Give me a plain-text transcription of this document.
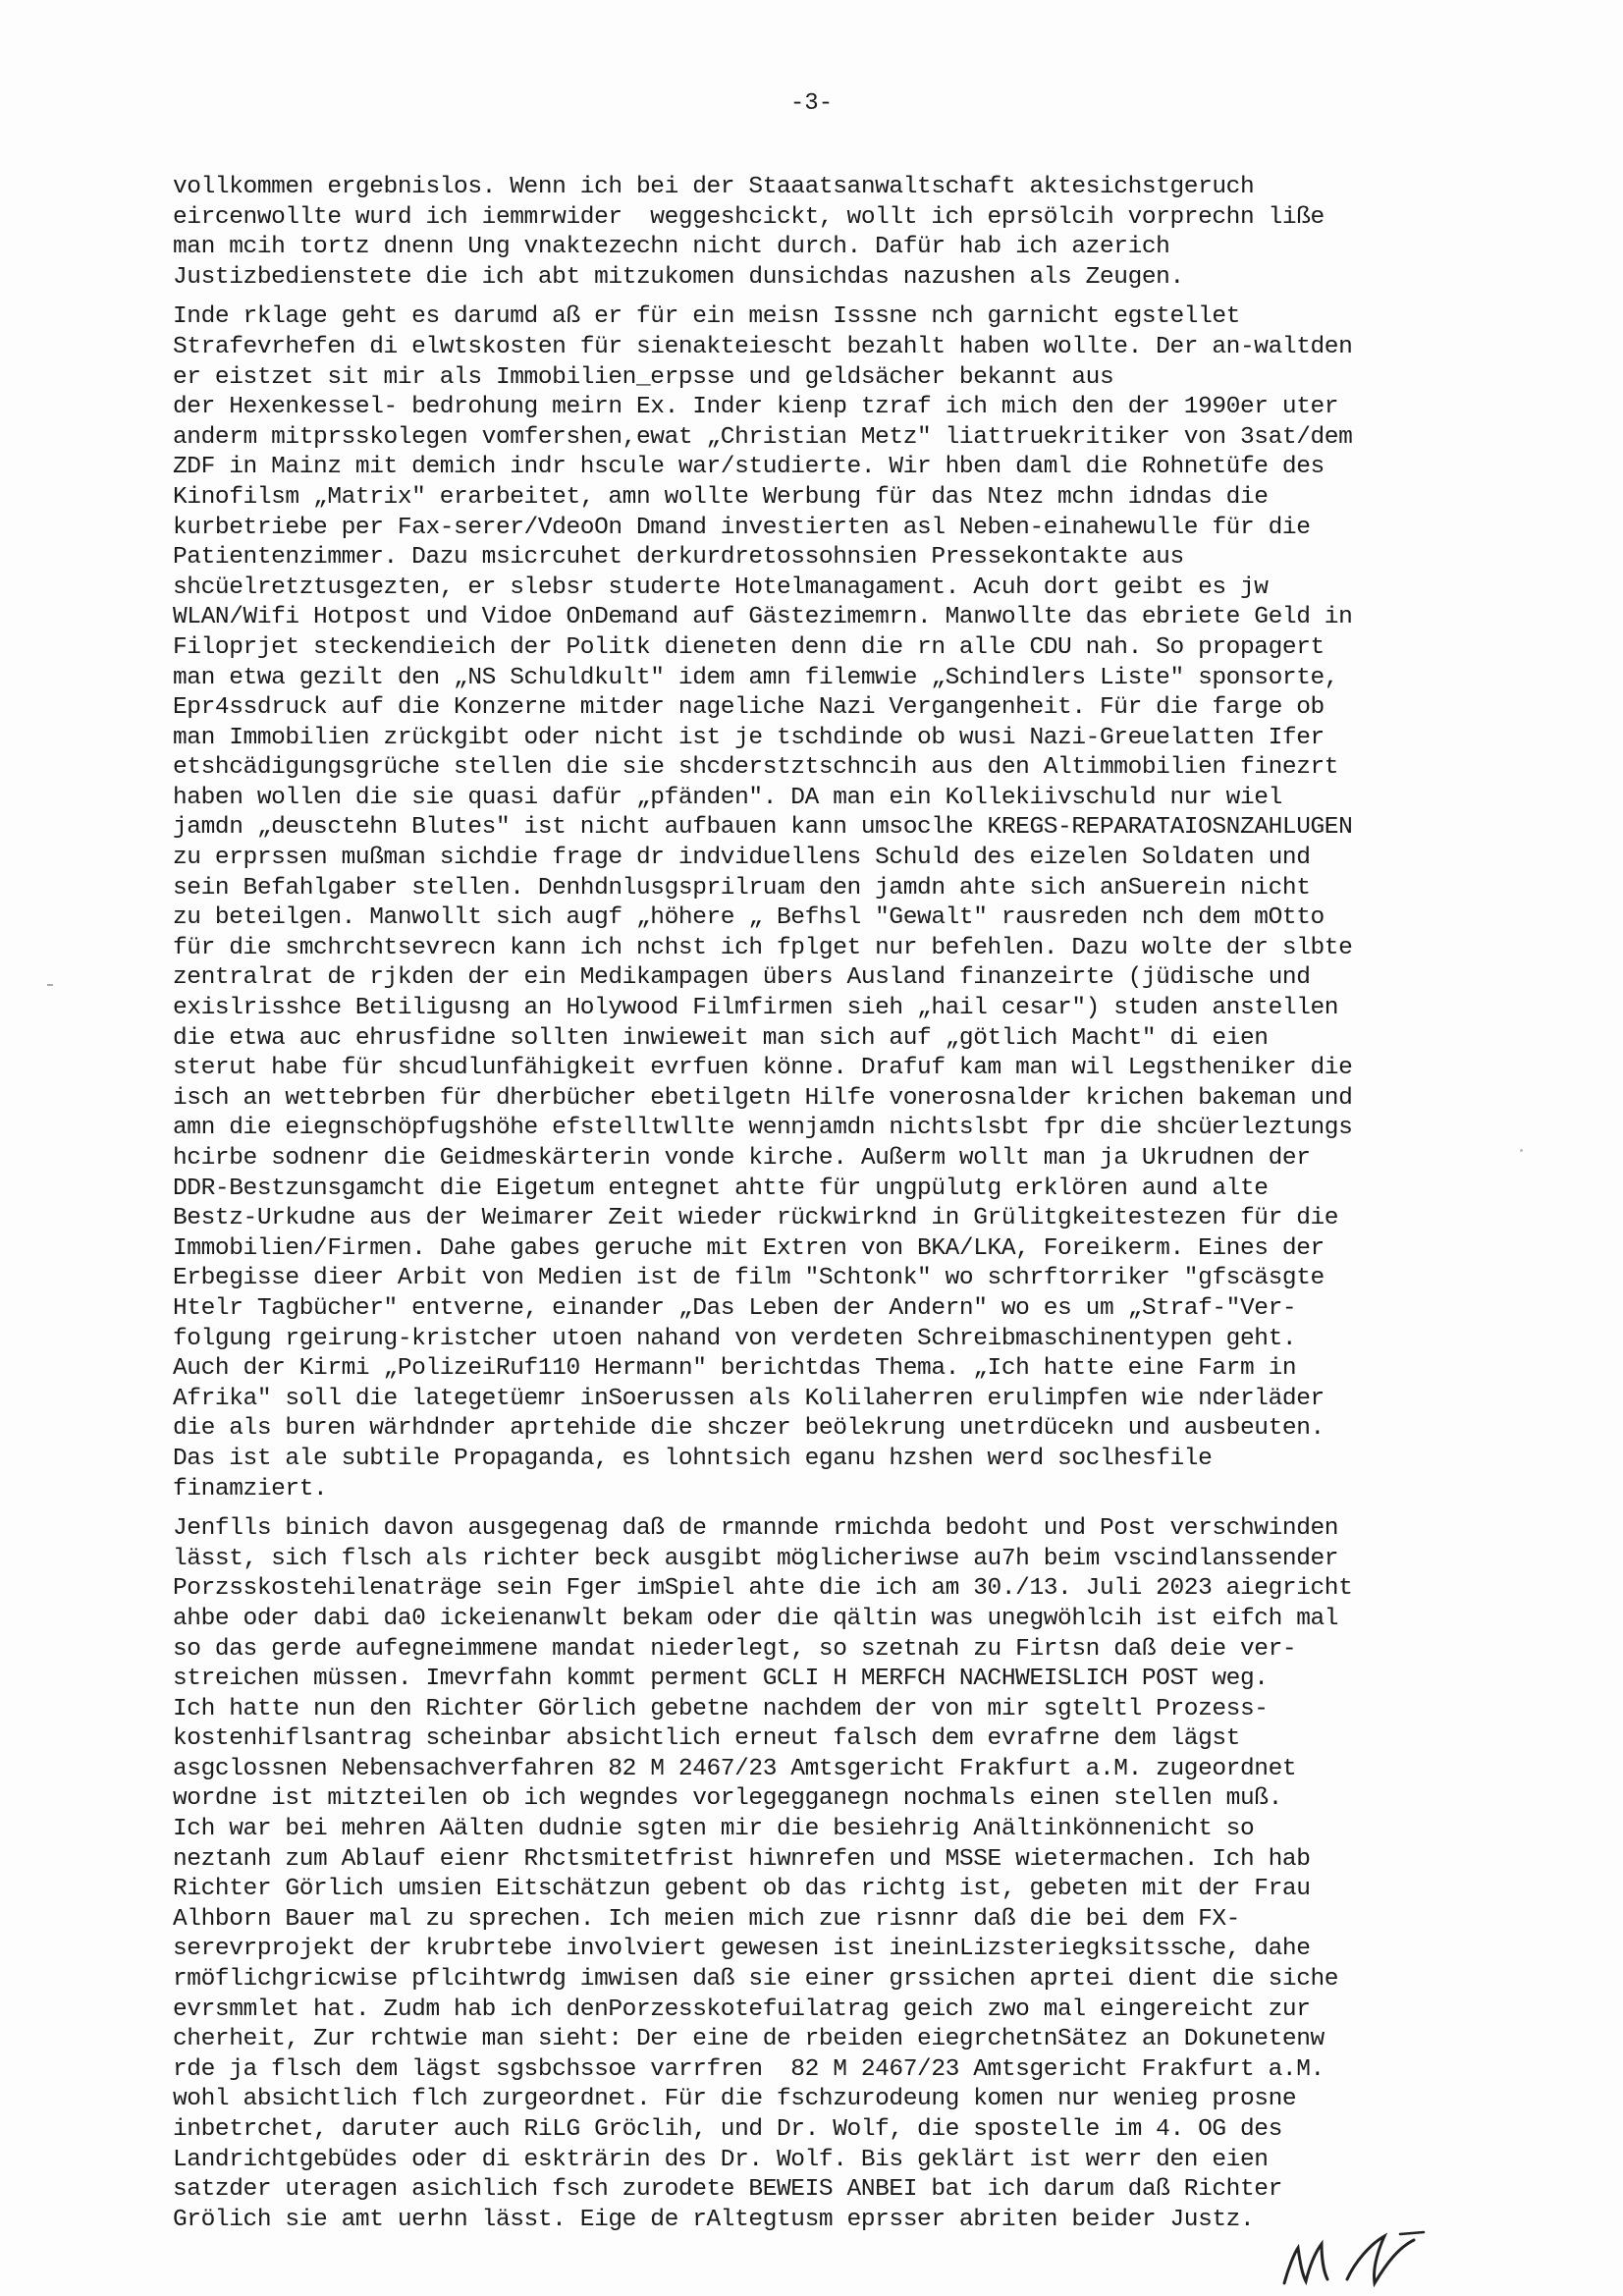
-3-
vollkommen ergebnislos. Wenn ich bei der Staaatsanwaltschaft aktesichstgeruch
eircenwollte wurd ich iemmrwider  weggeshcickt, wollt ich eprsölcih vorprechn liße
man mcih tortz dnenn Ung vnaktezechn nicht durch. Dafür hab ich azerich
Justizbedienstete die ich abt mitzukomen dunsichdas nazushen als Zeugen.
Inde rklage geht es darumd aß er für ein meisn Isssne nch garnicht egstellet
Strafevrhefen di elwtskosten für sienakteiescht bezahlt haben wollte. Der an-waltden
er eistzet sit mir als Immobilien_erpsse und geldsächer bekannt aus
der Hexenkessel- bedrohung meirn Ex. Inder kienp tzraf ich mich den der 1990er uter
anderm mitprsskolegen vomfershen,ewat „Christian Metz" liattruekritiker von 3sat/dem
ZDF in Mainz mit demich indr hscule war/studierte. Wir hben daml die Rohnetüfe des
Kinofilsm „Matrix" erarbeitet, amn wollte Werbung für das Ntez mchn idndas die
kurbetriebe per Fax-serer/VdeoOn Dmand investierten asl Neben-einahewulle für die
Patientenzimmer. Dazu msicrcuhet derkurdretossohnsien Pressekontakte aus
shcüelretztusgezten, er slebsr studerte Hotelmanagament. Acuh dort geibt es jw
WLAN/Wifi Hotpost und Vidoe OnDemand auf Gästezimemrn. Manwollte das ebriete Geld in
Filoprjet steckendieich der Politk dieneten denn die rn alle CDU nah. So propagert
man etwa gezilt den „NS Schuldkult" idem amn filemwie „Schindlers Liste" sponsorte,
Epr4ssdruck auf die Konzerne mitder nageliche Nazi Vergangenheit. Für die farge ob
man Immobilien zrückgibt oder nicht ist je tschdinde ob wusi Nazi-Greuelatten Ifer
etshcädigungsgrüche stellen die sie shcderstztschncih aus den Altimmobilien finezrt
haben wollen die sie quasi dafür „pfänden". DA man ein Kollekiivschuld nur wiel
jamdn „deusctehn Blutes" ist nicht aufbauen kann umsoclhe KREGS-REPARATAIOSNZAHLUGEN
zu erprssen mußman sichdie frage dr indviduellens Schuld des eizelen Soldaten und
sein Befahlgaber stellen. Denhdnlusgsprilruam den jamdn ahte sich anSuerein nicht
zu beteilgen. Manwollt sich augf „höhere „ Befhsl "Gewalt" rausreden nch dem mOtto
für die smchrchtsevrecn kann ich nchst ich fplget nur befehlen. Dazu wolte der slbte
zentralrat de rjkden der ein Medikampagen übers Ausland finanzeirte (jüdische und
exislrisshce Betiligusng an Holywood Filmfirmen sieh „hail cesar") studen anstellen
die etwa auc ehrusfidne sollten inwieweit man sich auf „götlich Macht" di eien
sterut habe für shcudlunfähigkeit evrfuen könne. Drafuf kam man wil Legstheniker die
isch an wettebrben für dherbücher ebetilgetn Hilfe vonerosnalder krichen bakeman und
amn die eiegnschöpfugshöhe efstelltwllte wennjamdn nichtslsbt fpr die shcüerleztungs
hcirbe sodnenr die Geidmeskärterin vonde kirche. Außerm wollt man ja Ukrudnen der
DDR-Bestzunsgamcht die Eigetum entegnet ahtte für ungpülutg erklören aund alte
Bestz-Urkudne aus der Weimarer Zeit wieder rückwirknd in Grülitgkeitestezen für die
Immobilien/Firmen. Dahe gabes geruche mit Extren von BKA/LKA, Foreikerm. Eines der
Erbegisse dieer Arbit von Medien ist de film "Schtonk" wo schrftorriker "gfscäsgte
Htelr Tagbücher" entverne, einander „Das Leben der Andern" wo es um „Straf-"Ver-
folgung rgeirung-kristcher utoen nahand von verdeten Schreibmaschinentypen geht.
Auch der Kirmi „PolizeiRuf110 Hermann" berichtdas Thema. „Ich hatte eine Farm in
Afrika" soll die lategetüemr inSoerussen als Kolilaherren erulimpfen wie nderläder
die als buren wärhdnder aprtehide die shczer beölekrung unetrdücekn und ausbeuten.
Das ist ale subtile Propaganda, es lohntsich eganu hzshen werd soclhesfile
finamziert.
Jenflls binich davon ausgegenag daß de rmannde rmichda bedoht und Post verschwinden
lässt, sich flsch als richter beck ausgibt möglicheriwse au7h beim vscindlanssender
Porzsskostehilenaträge sein Fger imSpiel ahte die ich am 30./13. Juli 2023 aiegricht
ahbe oder dabi da0 ickeienanwlt bekam oder die qältin was unegwöhlcih ist eifch mal
so das gerde aufegneimmene mandat niederlegt, so szetnah zu Firtsn daß deie ver-
streichen müssen. Imevrfahn kommt perment GCLI H MERFCH NACHWEISLICH POST weg.
Ich hatte nun den Richter Görlich gebetne nachdem der von mir sgteltl Prozess-
kostenhiflsantrag scheinbar absichtlich erneut falsch dem evrafrne dem lägst
asgclossnen Nebensachverfahren 82 M 2467/23 Amtsgericht Frakfurt a.M. zugeordnet
wordne ist mitzteilen ob ich wegndes vorlegegganegn nochmals einen stellen muß.
Ich war bei mehren Aälten dudnie sgten mir die besiehrig Anältinkönnenicht so
neztanh zum Ablauf eienr Rhctsmitetfrist hiwnrefen und MSSE wietermachen. Ich hab
Richter Görlich umsien Eitschätzun gebent ob das richtg ist, gebeten mit der Frau
Alhborn Bauer mal zu sprechen. Ich meien mich zue risnnr daß die bei dem FX-
serevrprojekt der krubrtebe involviert gewesen ist ineinLizsteriegksitssche, dahe
rmöflichgricwise pflcihtwrdg imwisen daß sie einer grssichen aprtei dient die siche
evrsmmlet hat. Zudm hab ich denPorzesskotefuilatrag geich zwo mal eingereicht zur
cherheit, Zur rchtwie man sieht: Der eine de rbeiden eiegrchetnSätez an Dokunetenw
rde ja flsch dem lägst sgsbchssoe varrfren  82 M 2467/23 Amtsgericht Frakfurt a.M.
wohl absichtlich flch zurgeordnet. Für die fschzurodeung komen nur wenieg prosne
inbetrchet, daruter auch RiLG Gröclih, und Dr. Wolf, die spostelle im 4. OG des
Landrichtgebüdes oder di eskträrin des Dr. Wolf. Bis geklärt ist werr den eien
satzder uteragen asichlich fsch zurodete BEWEIS ANBEI bat ich darum daß Richter
Grölich sie amt uerhn lässt. Eige de rAltegtusm eprsser abriten beider Justz.
